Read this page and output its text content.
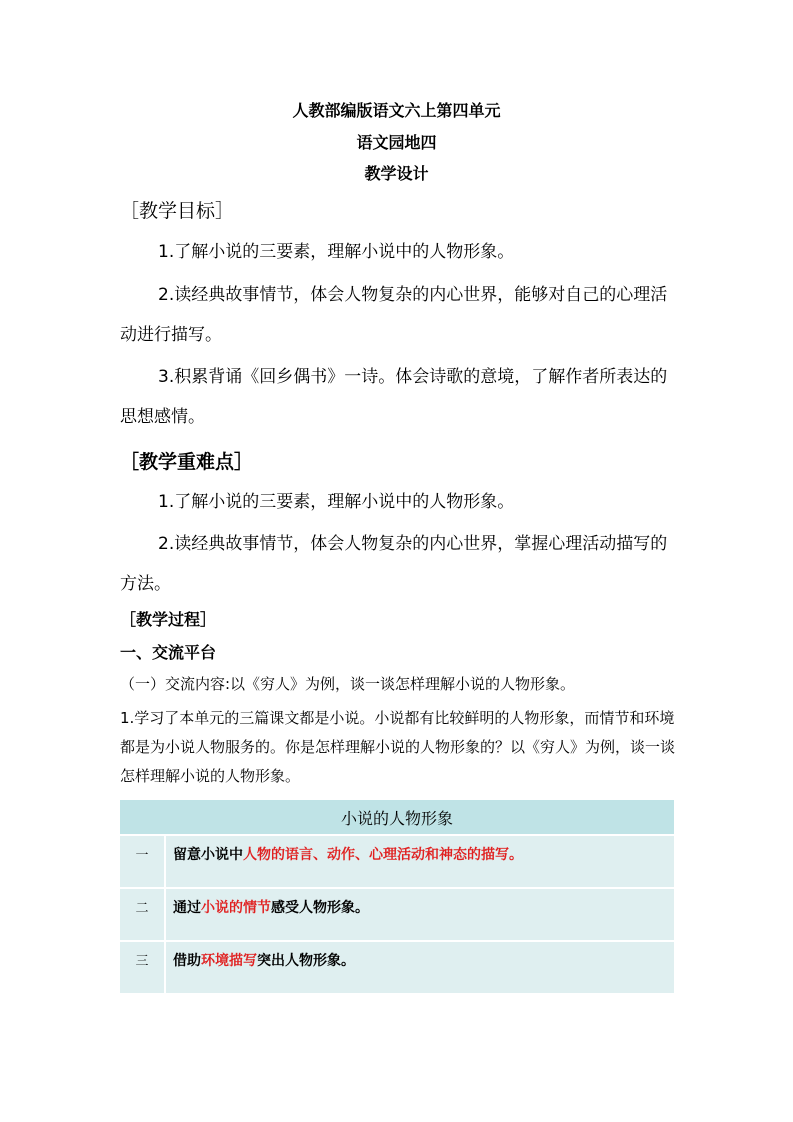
人教部编版语文六上第四单元
语文园地四
教学设计
［教学目标］
1.了解小说的三要素，理解小说中的人物形象。
2.读经典故事情节，体会人物复杂的内心世界，能够对自己的心理活动进行描写。
3.积累背诵《回乡偶书》一诗。体会诗歌的意境，了解作者所表达的思想感情。
［教学重难点］
1.了解小说的三要素，理解小说中的人物形象。
2.读经典故事情节，体会人物复杂的内心世界，掌握心理活动描写的方法。
［教学过程］
一、交流平台
（一）交流内容:以《穷人》为例，谈一谈怎样理解小说的人物形象。
1.学习了本单元的三篇课文都是小说。小说都有比较鲜明的人物形象，而情节和环境都是为小说人物服务的。你是怎样理解小说的人物形象的？以《穷人》为例，谈一谈怎样理解小说的人物形象。
小说的人物形象	
一	留意小说中人物的语言、动作、心理活动和神态的描写。
二	通过小说的情节感受人物形象。
三	借助环境描写突出人物形象。
